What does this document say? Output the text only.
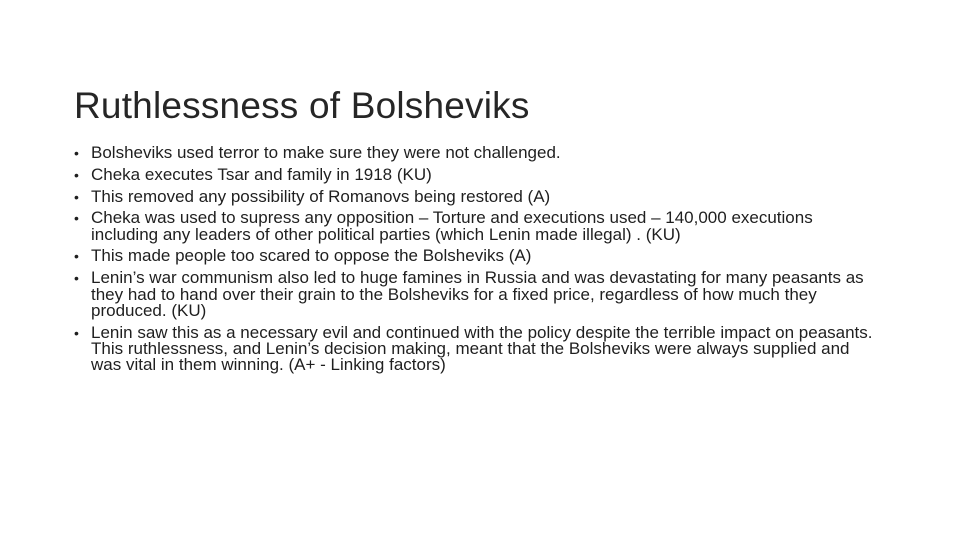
Ruthlessness of Bolsheviks
• Bolsheviks used terror to make sure they were not challenged.
• Cheka executes Tsar and family in 1918 (KU)
• This removed any possibility of Romanovs being restored (A)
• Cheka was used to supress any opposition – Torture and executions used – 140,000 executions including any leaders of other political parties (which Lenin made illegal) . (KU)
• This made people too scared to oppose the Bolsheviks (A)
• Lenin’s war communism also led to huge famines in Russia and was devastating for many peasants as they had to hand over their grain to the Bolsheviks for a fixed price, regardless of how much they produced. (KU)
• Lenin saw this as a necessary evil and continued with the policy despite the terrible impact on peasants. This ruthlessness, and Lenin’s decision making, meant that the Bolsheviks were always supplied and was vital in them winning. (A+ - Linking factors)
